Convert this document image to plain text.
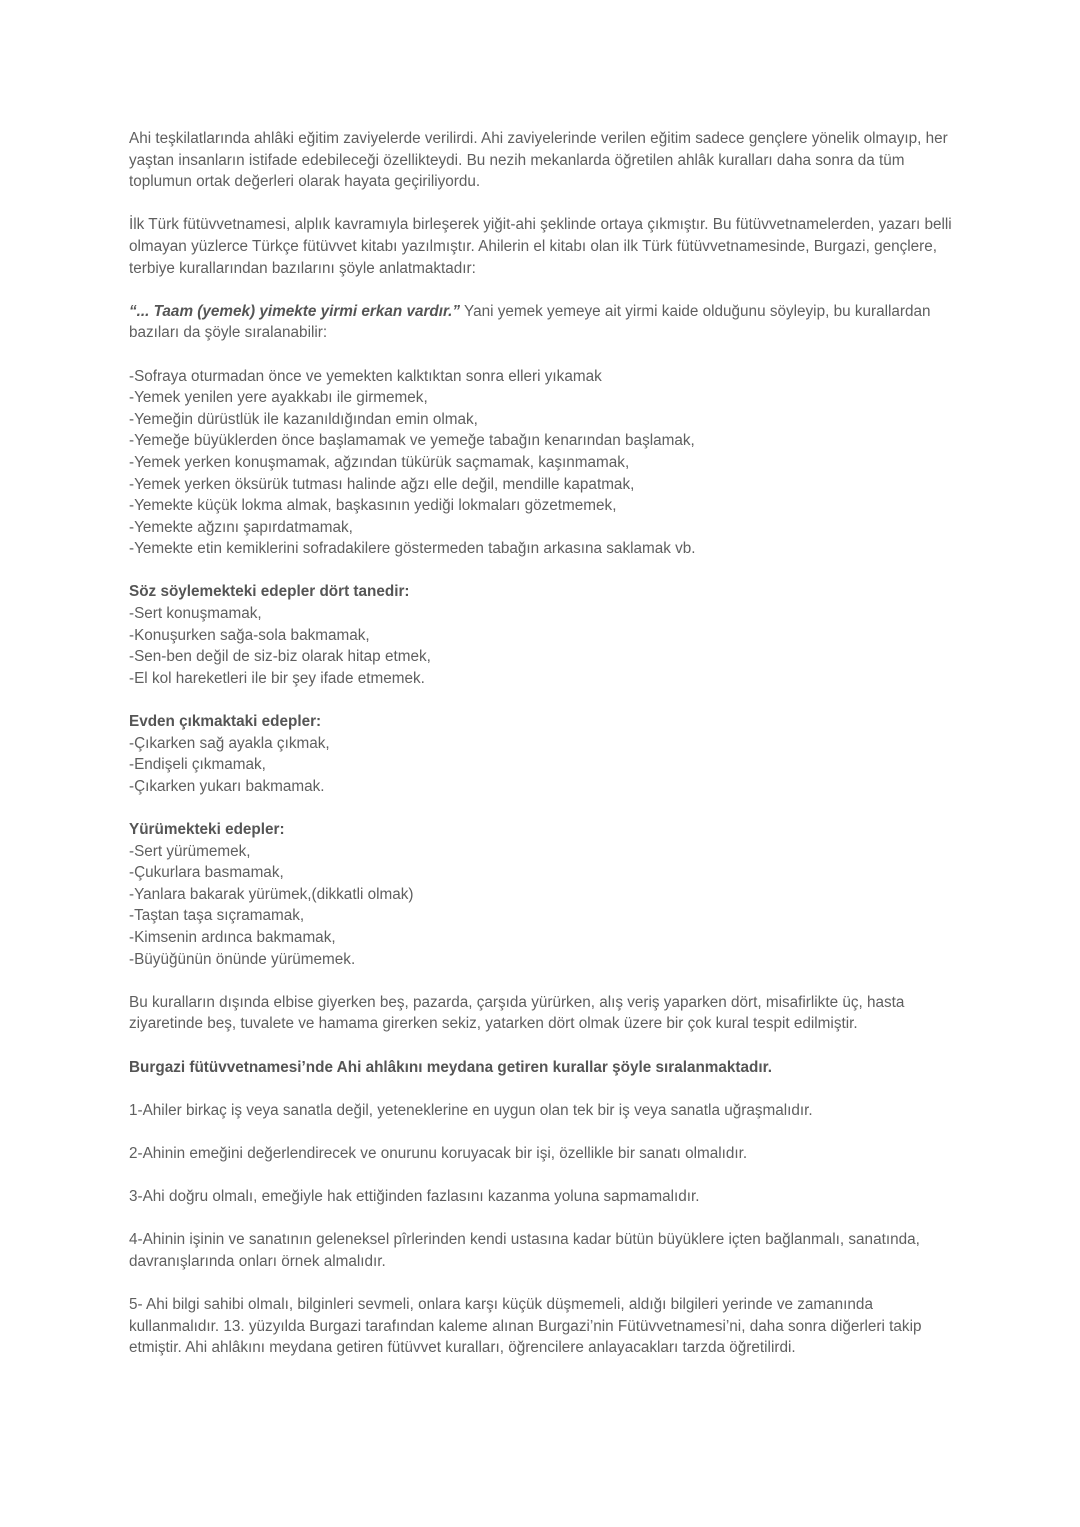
Ahi teşkilatlarında ahlâki eğitim zaviyelerde verilirdi. Ahi zaviyelerinde verilen eğitim sadece gençlere yönelik olmayıp, her yaştan insanların istifade edebileceği özellikteydi. Bu nezih mekanlarda öğretilen ahlâk kuralları daha sonra da tüm toplumun ortak değerleri olarak hayata geçiriliyordu.

İlk Türk fütüvvetnamesi, alplık kavramıyla birleşerek yiğit-ahi şeklinde ortaya çıkmıştır. Bu fütüvvetnamelerden, yazarı belli olmayan yüzlerce Türkçe fütüvvet kitabı yazılmıştır. Ahilerin el kitabı olan ilk Türk fütüvvetnamesinde, Burgazi, gençlere, terbiye kurallarından bazılarını şöyle anlatmaktadır:

“... Taam (yemek) yimekte yirmi erkan vardır.” Yani yemek yemeye ait yirmi kaide olduğunu söyleyip, bu kurallardan bazıları da şöyle sıralanabilir:

-Sofraya oturmadan önce ve yemekten kalktıktan sonra elleri yıkamak
-Yemek yenilen yere ayakkabı ile girmemek,
-Yemeğin dürüstlük ile kazanıldığından emin olmak,
-Yemeğe büyüklerden önce başlamamak ve yemeğe tabağın kenarından başlamak,
-Yemek yerken konuşmamak, ağzından tükürük saçmamak, kaşınmamak,
-Yemek yerken öksürük tutması halinde ağzı elle değil, mendille kapatmak,
-Yemekte küçük lokma almak, başkasının yediği lokmaları gözetmemek,
-Yemekte ağzını şapırdatmamak,
-Yemekte etin kemiklerini sofradakilere göstermeden tabağın arkasına saklamak vb.
Söz söylemekteki edepler dört tanedir:
-Sert konuşmamak,
-Konuşurken sağa-sola bakmamak,
-Sen-ben değil de siz-biz olarak hitap etmek,
-El kol hareketleri ile bir şey ifade etmemek.
Evden çıkmaktaki edepler:
-Çıkarken sağ ayakla çıkmak,
-Endişeli çıkmamak,
-Çıkarken yukarı bakmamak.
Yürümekteki edepler:
-Sert yürümemek,
-Çukurlara basmamak,
-Yanlara bakarak yürümek,(dikkatli olmak)
-Taştan taşa sıçramamak,
-Kimsenin ardınca bakmamak,
-Büyüğünün önünde yürümemek.

Bu kuralların dışında elbise giyerken beş, pazarda, çarşıda yürürken, alış veriş yaparken dört, misafirlikte üç, hasta ziyaretinde beş, tuvalete ve hamama girerken sekiz, yatarken dört olmak üzere bir çok kural tespit edilmiştir.

Burgazi fütüvvetnamesi’nde Ahi ahlâkını meydana getiren kurallar şöyle sıralanmaktadır.

1-Ahiler birkaç iş veya sanatla değil, yeteneklerine en uygun olan tek bir iş veya sanatla uğraşmalıdır.

2-Ahinin emeğini değerlendirecek ve onurunu koruyacak bir işi, özellikle bir sanatı olmalıdır.

3-Ahi doğru olmalı, emeğiyle hak ettiğinden fazlasını kazanma yoluna sapmamalıdır.

4-Ahinin işinin ve sanatının geleneksel pîrlerinden kendi ustasına kadar bütün büyüklere içten bağlanmalı, sanatında, davranışlarında onları örnek almalıdır.

5- Ahi bilgi sahibi olmalı, bilginleri sevmeli, onlara karşı küçük düşmemeli, aldığı bilgileri yerinde ve zamanında kullanmalıdır. 13. yüzyılda Burgazi tarafından kaleme alınan Burgazi’nin Fütüvvetnamesi’ni, daha sonra diğerleri takip etmiştir. Ahi ahlâkını meydana getiren fütüvvet kuralları, öğrencilere anlayacakları tarzda öğretilirdi.
